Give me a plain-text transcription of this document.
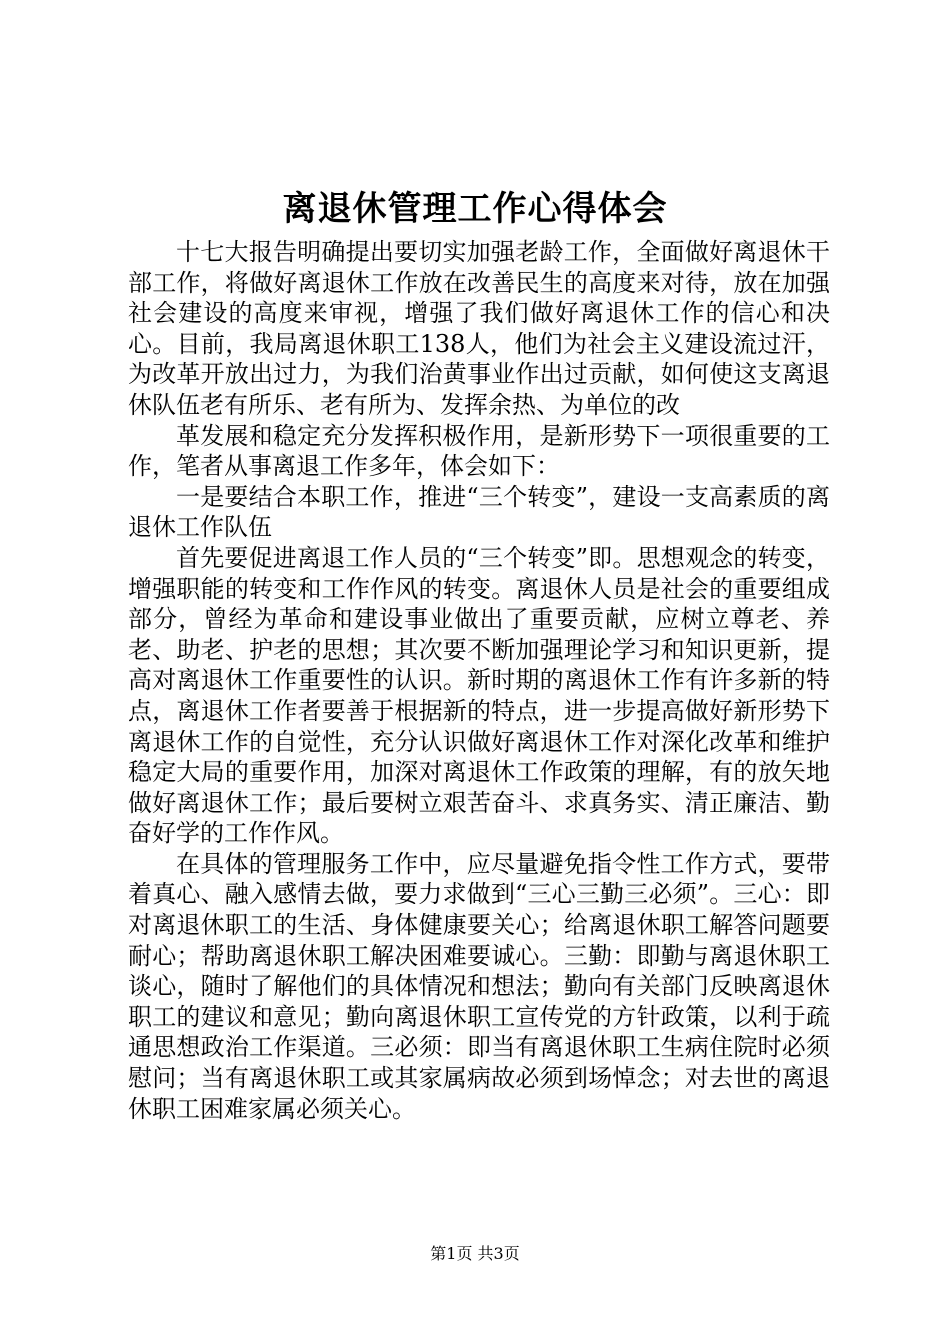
离退休管理工作心得体会

十七大报告明确提出要切实加强老龄工作，全面做好离退休干部工作，将做好离退休工作放在改善民生的高度来对待，放在加强社会建设的高度来审视，增强了我们做好离退休工作的信心和决心。目前，我局离退休职工138人，他们为社会主义建设流过汗，为改革开放出过力，为我们治黄事业作出过贡献，如何使这支离退休队伍老有所乐、老有所为、发挥余热、为单位的改

革发展和稳定充分发挥积极作用，是新形势下一项很重要的工作，笔者从事离退工作多年，体会如下：

一是要结合本职工作，推进“三个转变”，建设一支高素质的离退休工作队伍

首先要促进离退工作人员的“三个转变”即。思想观念的转变，增强职能的转变和工作作风的转变。离退休人员是社会的重要组成部分，曾经为革命和建设事业做出了重要贡献，应树立尊老、养老、助老、护老的思想；其次要不断加强理论学习和知识更新，提高对离退休工作重要性的认识。新时期的离退休工作有许多新的特点，离退休工作者要善于根据新的特点，进一步提高做好新形势下离退休工作的自觉性，充分认识做好离退休工作对深化改革和维护稳定大局的重要作用，加深对离退休工作政策的理解，有的放矢地做好离退休工作；最后要树立艰苦奋斗、求真务实、清正廉洁、勤奋好学的工作作风。

在具体的管理服务工作中，应尽量避免指令性工作方式，要带着真心、融入感情去做，要力求做到“三心三勤三必须”。三心：即对离退休职工的生活、身体健康要关心；给离退休职工解答问题要耐心；帮助离退休职工解决困难要诚心。三勤：即勤与离退休职工谈心，随时了解他们的具体情况和想法；勤向有关部门反映离退休职工的建议和意见；勤向离退休职工宣传党的方针政策，以利于疏通思想政治工作渠道。三必须：即当有离退休职工生病住院时必须慰问；当有离退休职工或其家属病故必须到场悼念；对去世的离退休职工困难家属必须关心。

第1页 共3页
